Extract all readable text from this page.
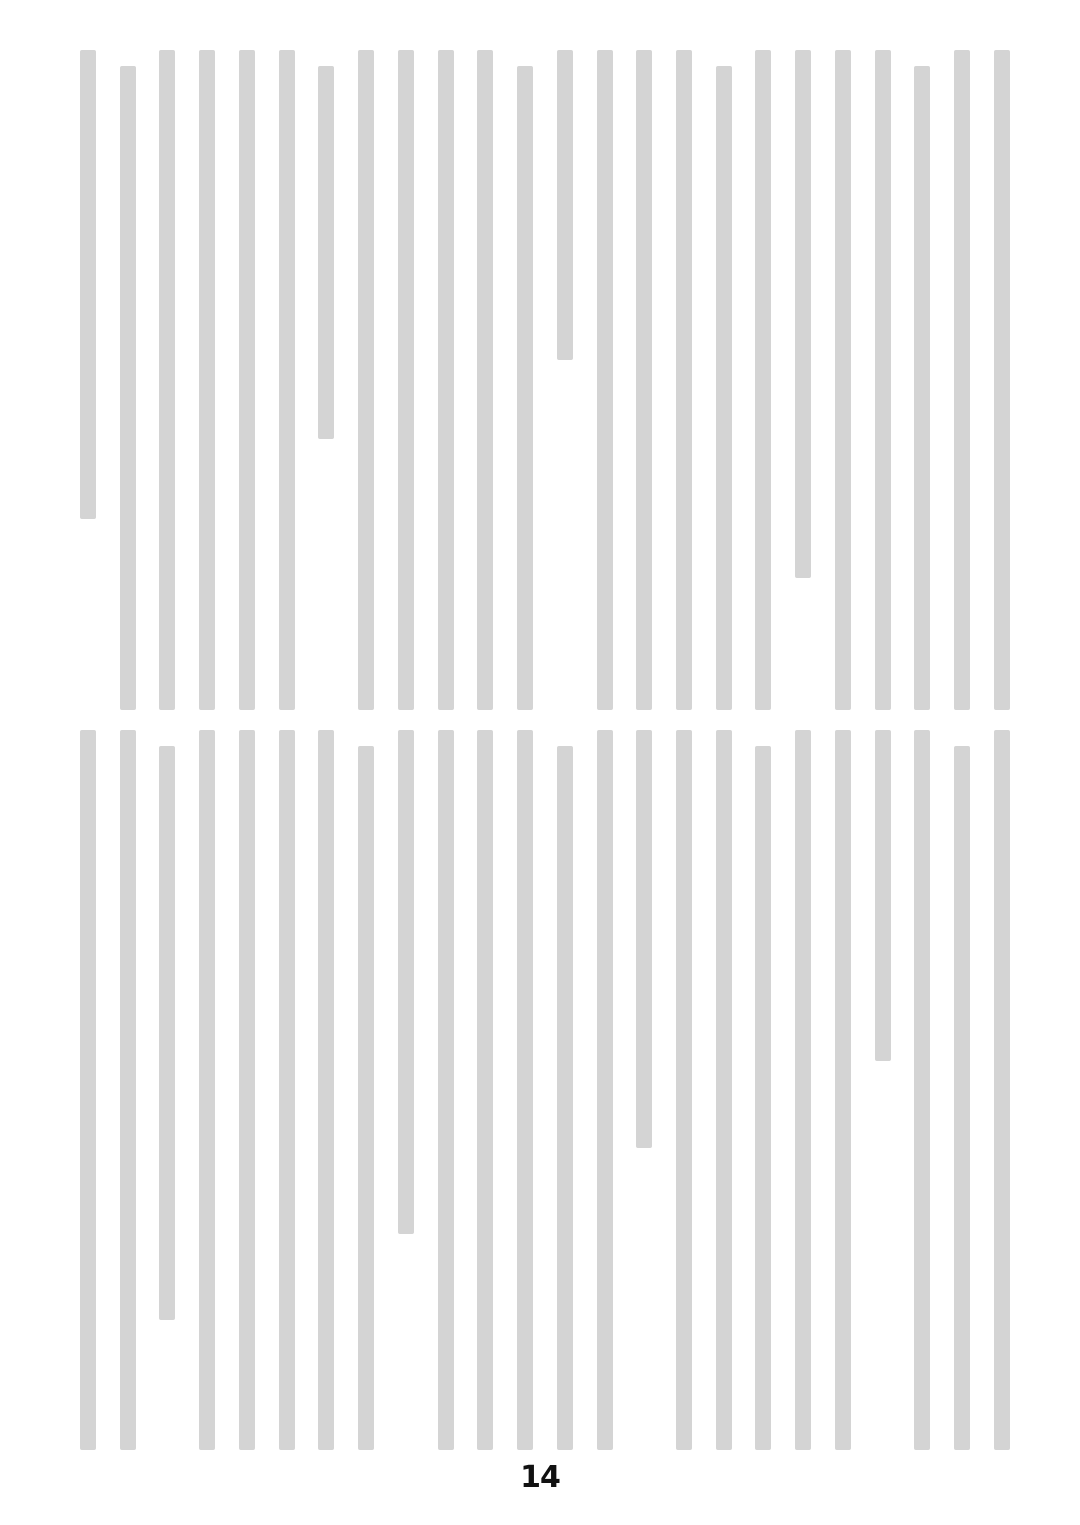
14
